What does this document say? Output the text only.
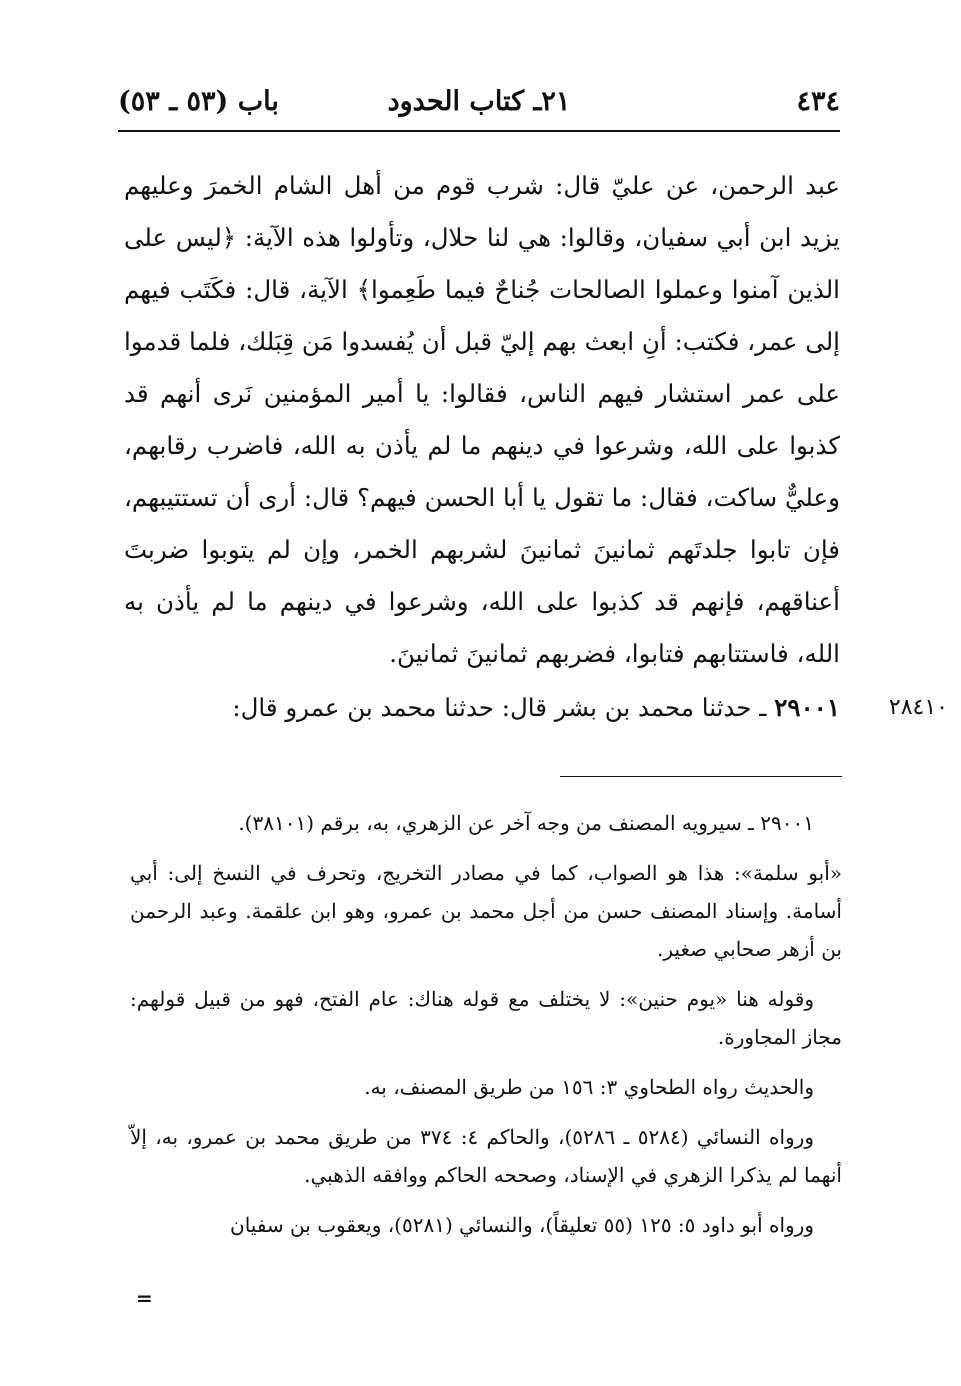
٤٣٤
٢١ـ كتاب الحدود
باب (٥٣ ـ ٥٣)

عبد الرحمن، عن عليّ قال: شرب قوم من أهل الشام الخمرَ وعليهم يزيد ابن أبي سفيان، وقالوا: هي لنا حلال، وتأولوا هذه الآية: ﴿ليس على الذين آمنوا وعملوا الصالحات جُناحٌ فيما طَعِموا﴾ الآية، قال: فكَتَب فيهم إلى عمر، فكتب: أنِ ابعث بهم إليّ قبل أن يُفسدوا مَن قِبَلك، فلما قدموا على عمر استشار فيهم الناس، فقالوا: يا أمير المؤمنين نَرى أنهم قد كذبوا على الله، وشرعوا في دينهم ما لم يأذن به الله، فاضرب رقابهم، وعليٌّ ساكت، فقال: ما تقول يا أبا الحسن فيهم؟ قال: أرى أن تستتيبهم، فإن تابوا جلدتَهم ثمانينَ ثمانينَ لشربهم الخمر، وإن لم يتوبوا ضربتَ أعناقهم، فإنهم قد كذبوا على الله، وشرعوا في دينهم ما لم يأذن به الله، فاستتابهم فتابوا، فضربهم ثمانينَ ثمانينَ.

٢٩٠٠١ ـ حدثنا محمد بن بشر قال: حدثنا محمد بن عمرو قال:	٢٨٤١٠

٢٩٠٠١ ـ سيرويه المصنف من وجه آخر عن الزهري، به، برقم (٣٨١٠١).

«أبو سلمة»: هذا هو الصواب، كما في مصادر التخريج، وتحرف في النسخ إلى: أبي أسامة. وإسناد المصنف حسن من أجل محمد بن عمرو، وهو ابن علقمة. وعبد الرحمن بن أزهر صحابي صغير.

وقوله هنا «يوم حنين»: لا يختلف مع قوله هناك: عام الفتح، فهو من قبيل قولهم: مجاز المجاورة.

والحديث رواه الطحاوي ٣: ١٥٦ من طريق المصنف، به.

ورواه النسائي (٥٢٨٤ ـ ٥٢٨٦)، والحاكم ٤: ٣٧٤ من طريق محمد بن عمرو، به، إلاّ أنهما لم يذكرا الزهري في الإسناد، وصححه الحاكم ووافقه الذهبي.

ورواه أبو داود ٥: ١٢٥ (٥٥ تعليقاً)، والنسائي (٥٢٨١)، ويعقوب بن سفيان

=
